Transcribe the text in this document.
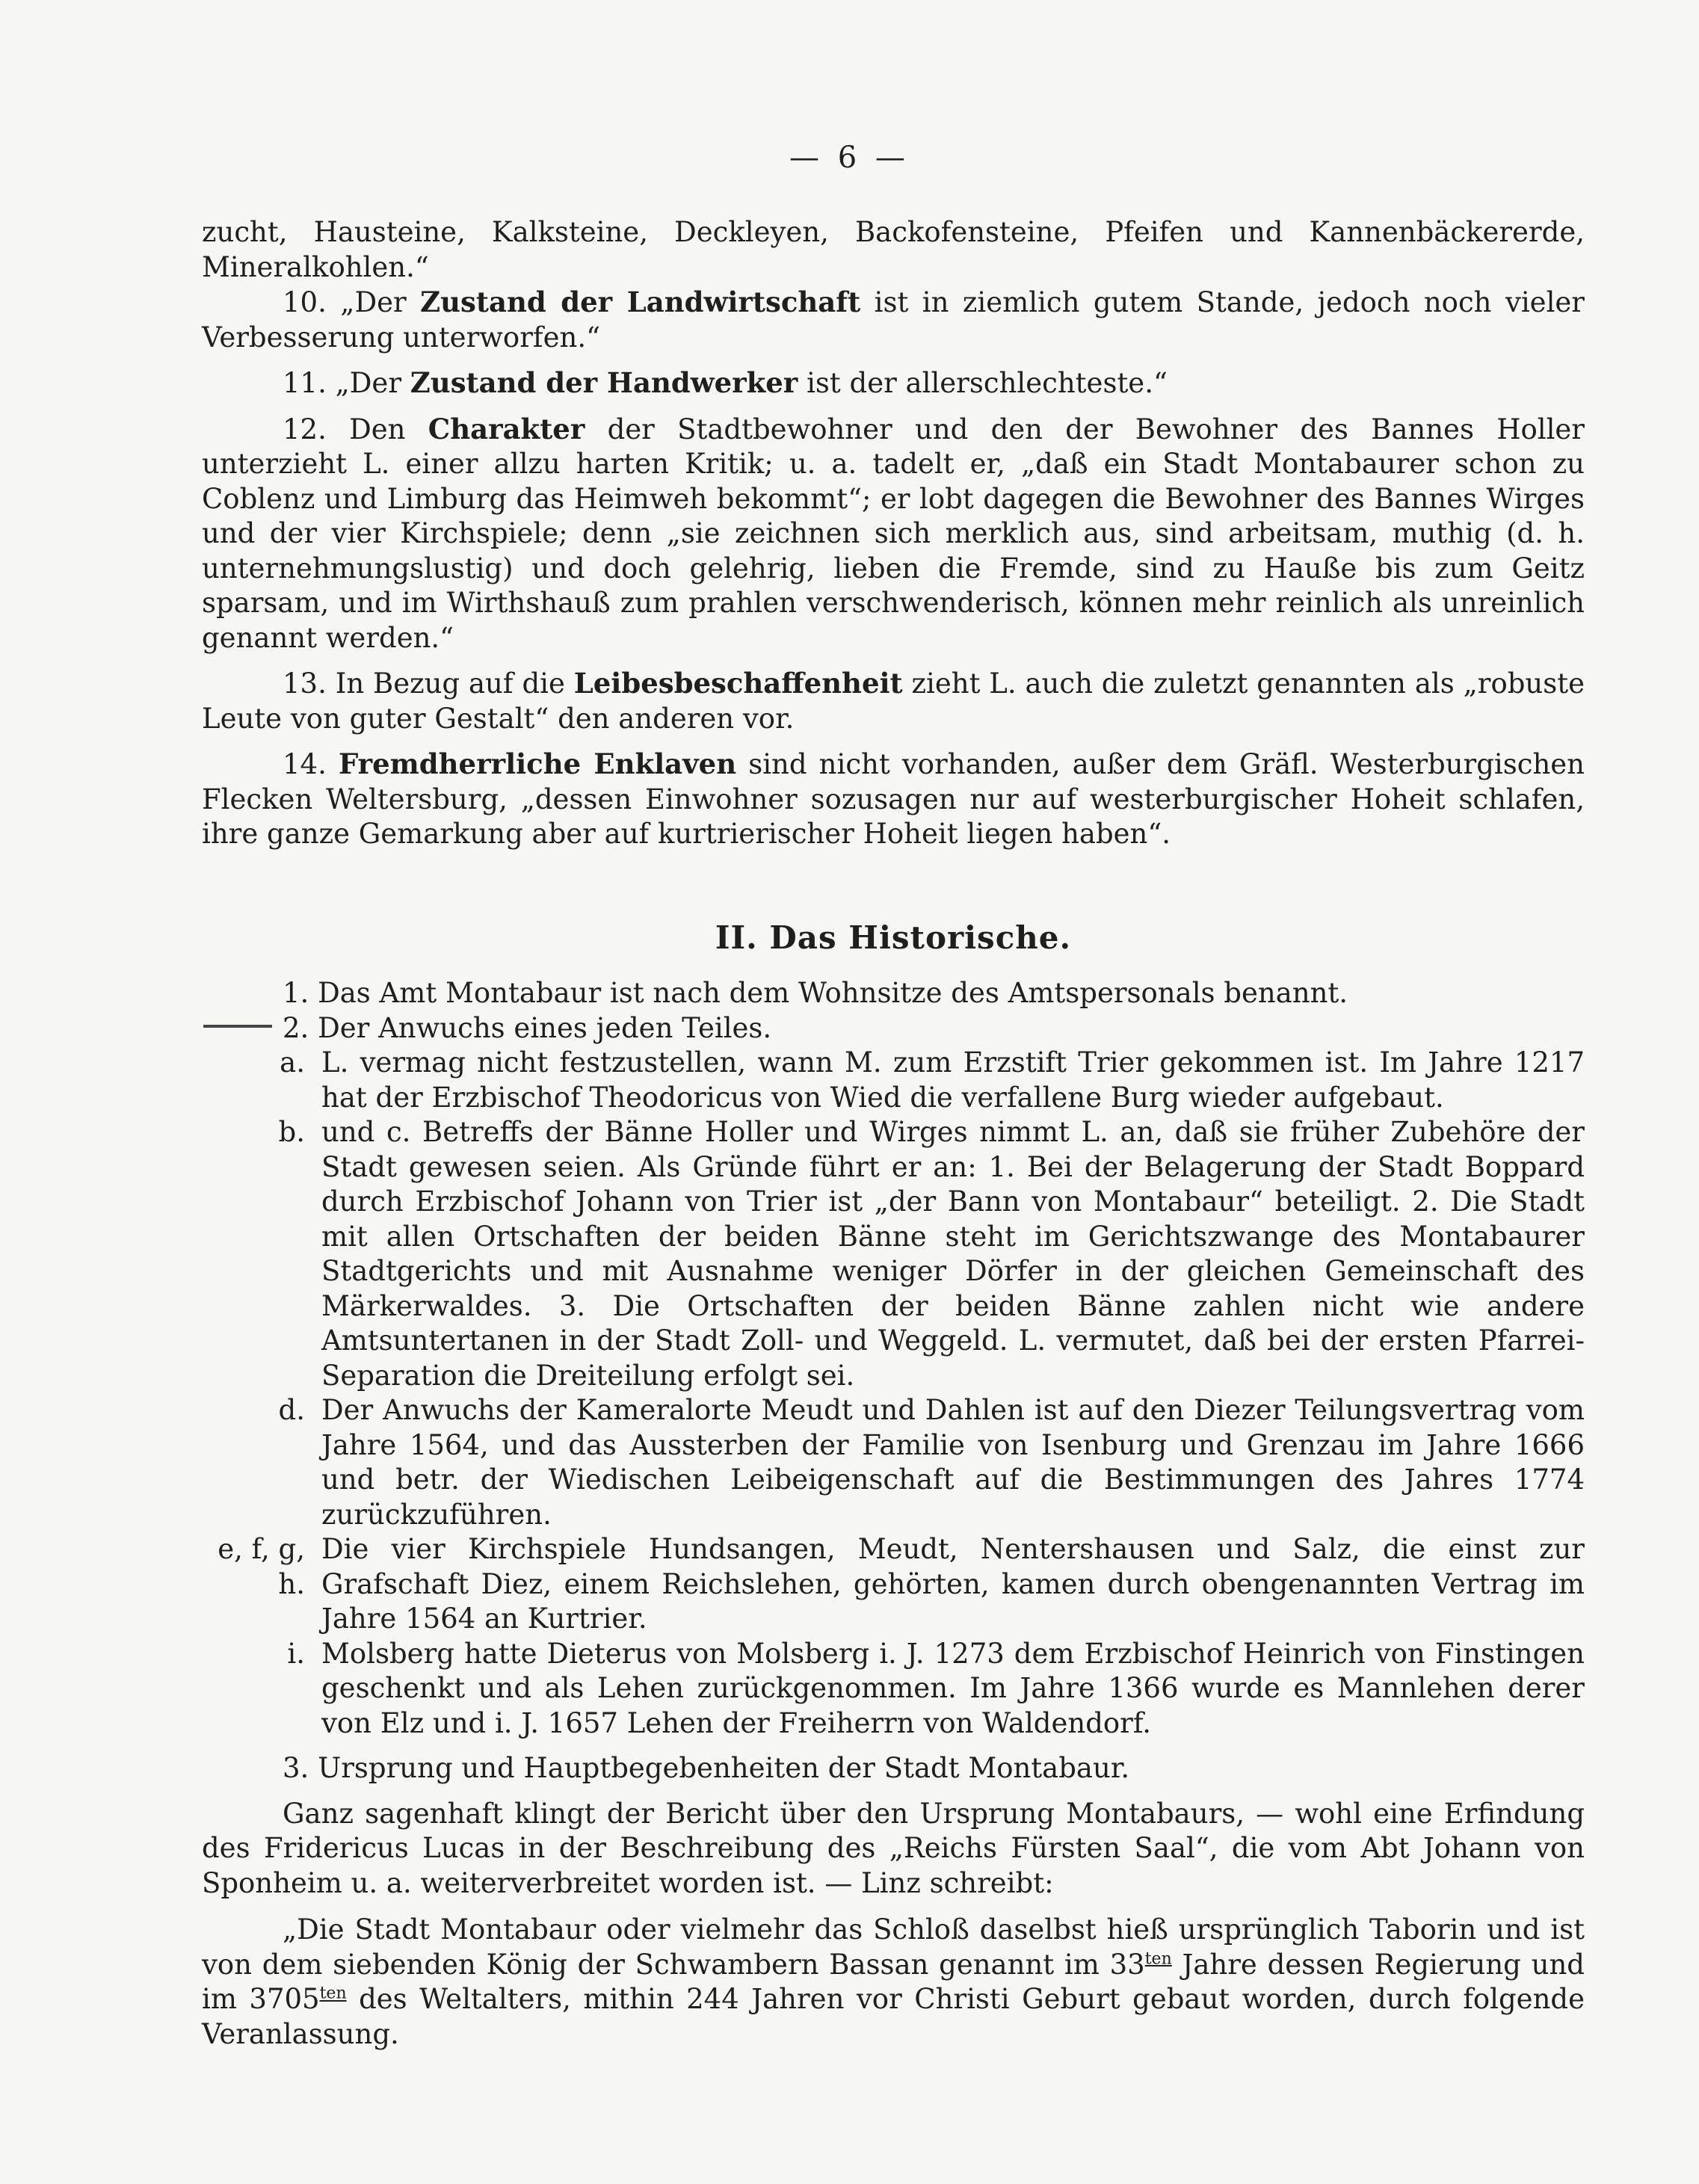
— 6 —

zucht, Hausteine, Kalksteine, Deckleyen, Backofensteine, Pfeifen und Kannenbäckererde, Mineralkohlen.“

10. „Der Zustand der Landwirtschaft ist in ziemlich gutem Stande, jedoch noch vieler Verbesserung unterworfen.“

11. „Der Zustand der Handwerker ist der allerschlechteste.“

12. Den Charakter der Stadtbewohner und den der Bewohner des Bannes Holler unterzieht L. einer allzu harten Kritik; u. a. tadelt er, „daß ein Stadt Montabaurer schon zu Coblenz und Limburg das Heimweh bekommt“; er lobt dagegen die Bewohner des Bannes Wirges und der vier Kirchspiele; denn „sie zeichnen sich merklich aus, sind arbeitsam, muthig (d. h. unternehmungslustig) und doch gelehrig, lieben die Fremde, sind zu Haußе bis zum Geitz sparsam, und im Wirthshauß zum prahlen verschwenderisch, können mehr reinlich als unreinlich genannt werden.“

13. In Bezug auf die Leibesbeschaffenheit zieht L. auch die zuletzt genannten als „robuste Leute von guter Gestalt“ den anderen vor.

14. Fremdherrliche Enklaven sind nicht vorhanden, außer dem Gräfl. Westerburgischen Flecken Weltersburg, „dessen Einwohner sozusagen nur auf westerburgischer Hoheit schlafen, ihre ganze Gemarkung aber auf kurtrierischer Hoheit liegen haben“.

II. Das Historische.

1. Das Amt Montabaur ist nach dem Wohnsitze des Amtspersonals benannt.

2. Der Anwuchs eines jeden Teiles.

a. L. vermag nicht festzustellen, wann M. zum Erzstift Trier gekommen ist. Im Jahre 1217 hat der Erzbischof Theodoricus von Wied die verfallene Burg wieder aufgebaut.
b. und c. Betreffs der Bänne Holler und Wirges nimmt L. an, daß sie früher Zubehöre der Stadt gewesen seien. Als Gründe führt er an: 1. Bei der Belagerung der Stadt Boppard durch Erzbischof Johann von Trier ist „der Bann von Montabaur“ beteiligt. 2. Die Stadt mit allen Ortschaften der beiden Bänne steht im Gerichtszwange des Montabaurer Stadtgerichts und mit Ausnahme weniger Dörfer in der gleichen Gemeinschaft des Märkerwaldes. 3. Die Ortschaften der beiden Bänne zahlen nicht wie andere Amtsuntertanen in der Stadt Zoll- und Weggeld. L. vermutet, daß bei der ersten Pfarrei-Separation die Dreiteilung erfolgt sei.
d. Der Anwuchs der Kameralorte Meudt und Dahlen ist auf den Diezer Teilungsvertrag vom Jahre 1564, und das Aussterben der Familie von Isenburg und Grenzau im Jahre 1666 und betr. der Wiedischen Leibeigenschaft auf die Bestimmungen des Jahres 1774 zurückzuführen.
e, f, g, h.
Die vier Kirchspiele Hundsangen, Meudt, Nentershausen und Salz, die einst zur Grafschaft Diez, einem Reichslehen, gehörten, kamen durch obengenannten Vertrag im Jahre 1564 an Kurtrier.
i. Molsberg hatte Dieterus von Molsberg i. J. 1273 dem Erzbischof Heinrich von Finstingen geschenkt und als Lehen zurückgenommen. Im Jahre 1366 wurde es Mannlehen derer von Elz und i. J. 1657 Lehen der Freiherrn von Waldendorf.

3. Ursprung und Hauptbegebenheiten der Stadt Montabaur.

Ganz sagenhaft klingt der Bericht über den Ursprung Montabaurs, — wohl eine Erfindung des Fridericus Lucas in der Beschreibung des „Reichs Fürsten Saal“, die vom Abt Johann von Sponheim u. a. weiterverbreitet worden ist. — Linz schreibt:

„Die Stadt Montabaur oder vielmehr das Schloß daselbst hieß ursprünglich Taborin und ist von dem siebenden König der Schwambern Bassan genannt im $33^{ten}$ Jahre dessen Regierung und im $3705^{ten}$ des Weltalters, mithin 244 Jahren vor Christi Geburt gebaut worden, durch folgende Veranlassung.
